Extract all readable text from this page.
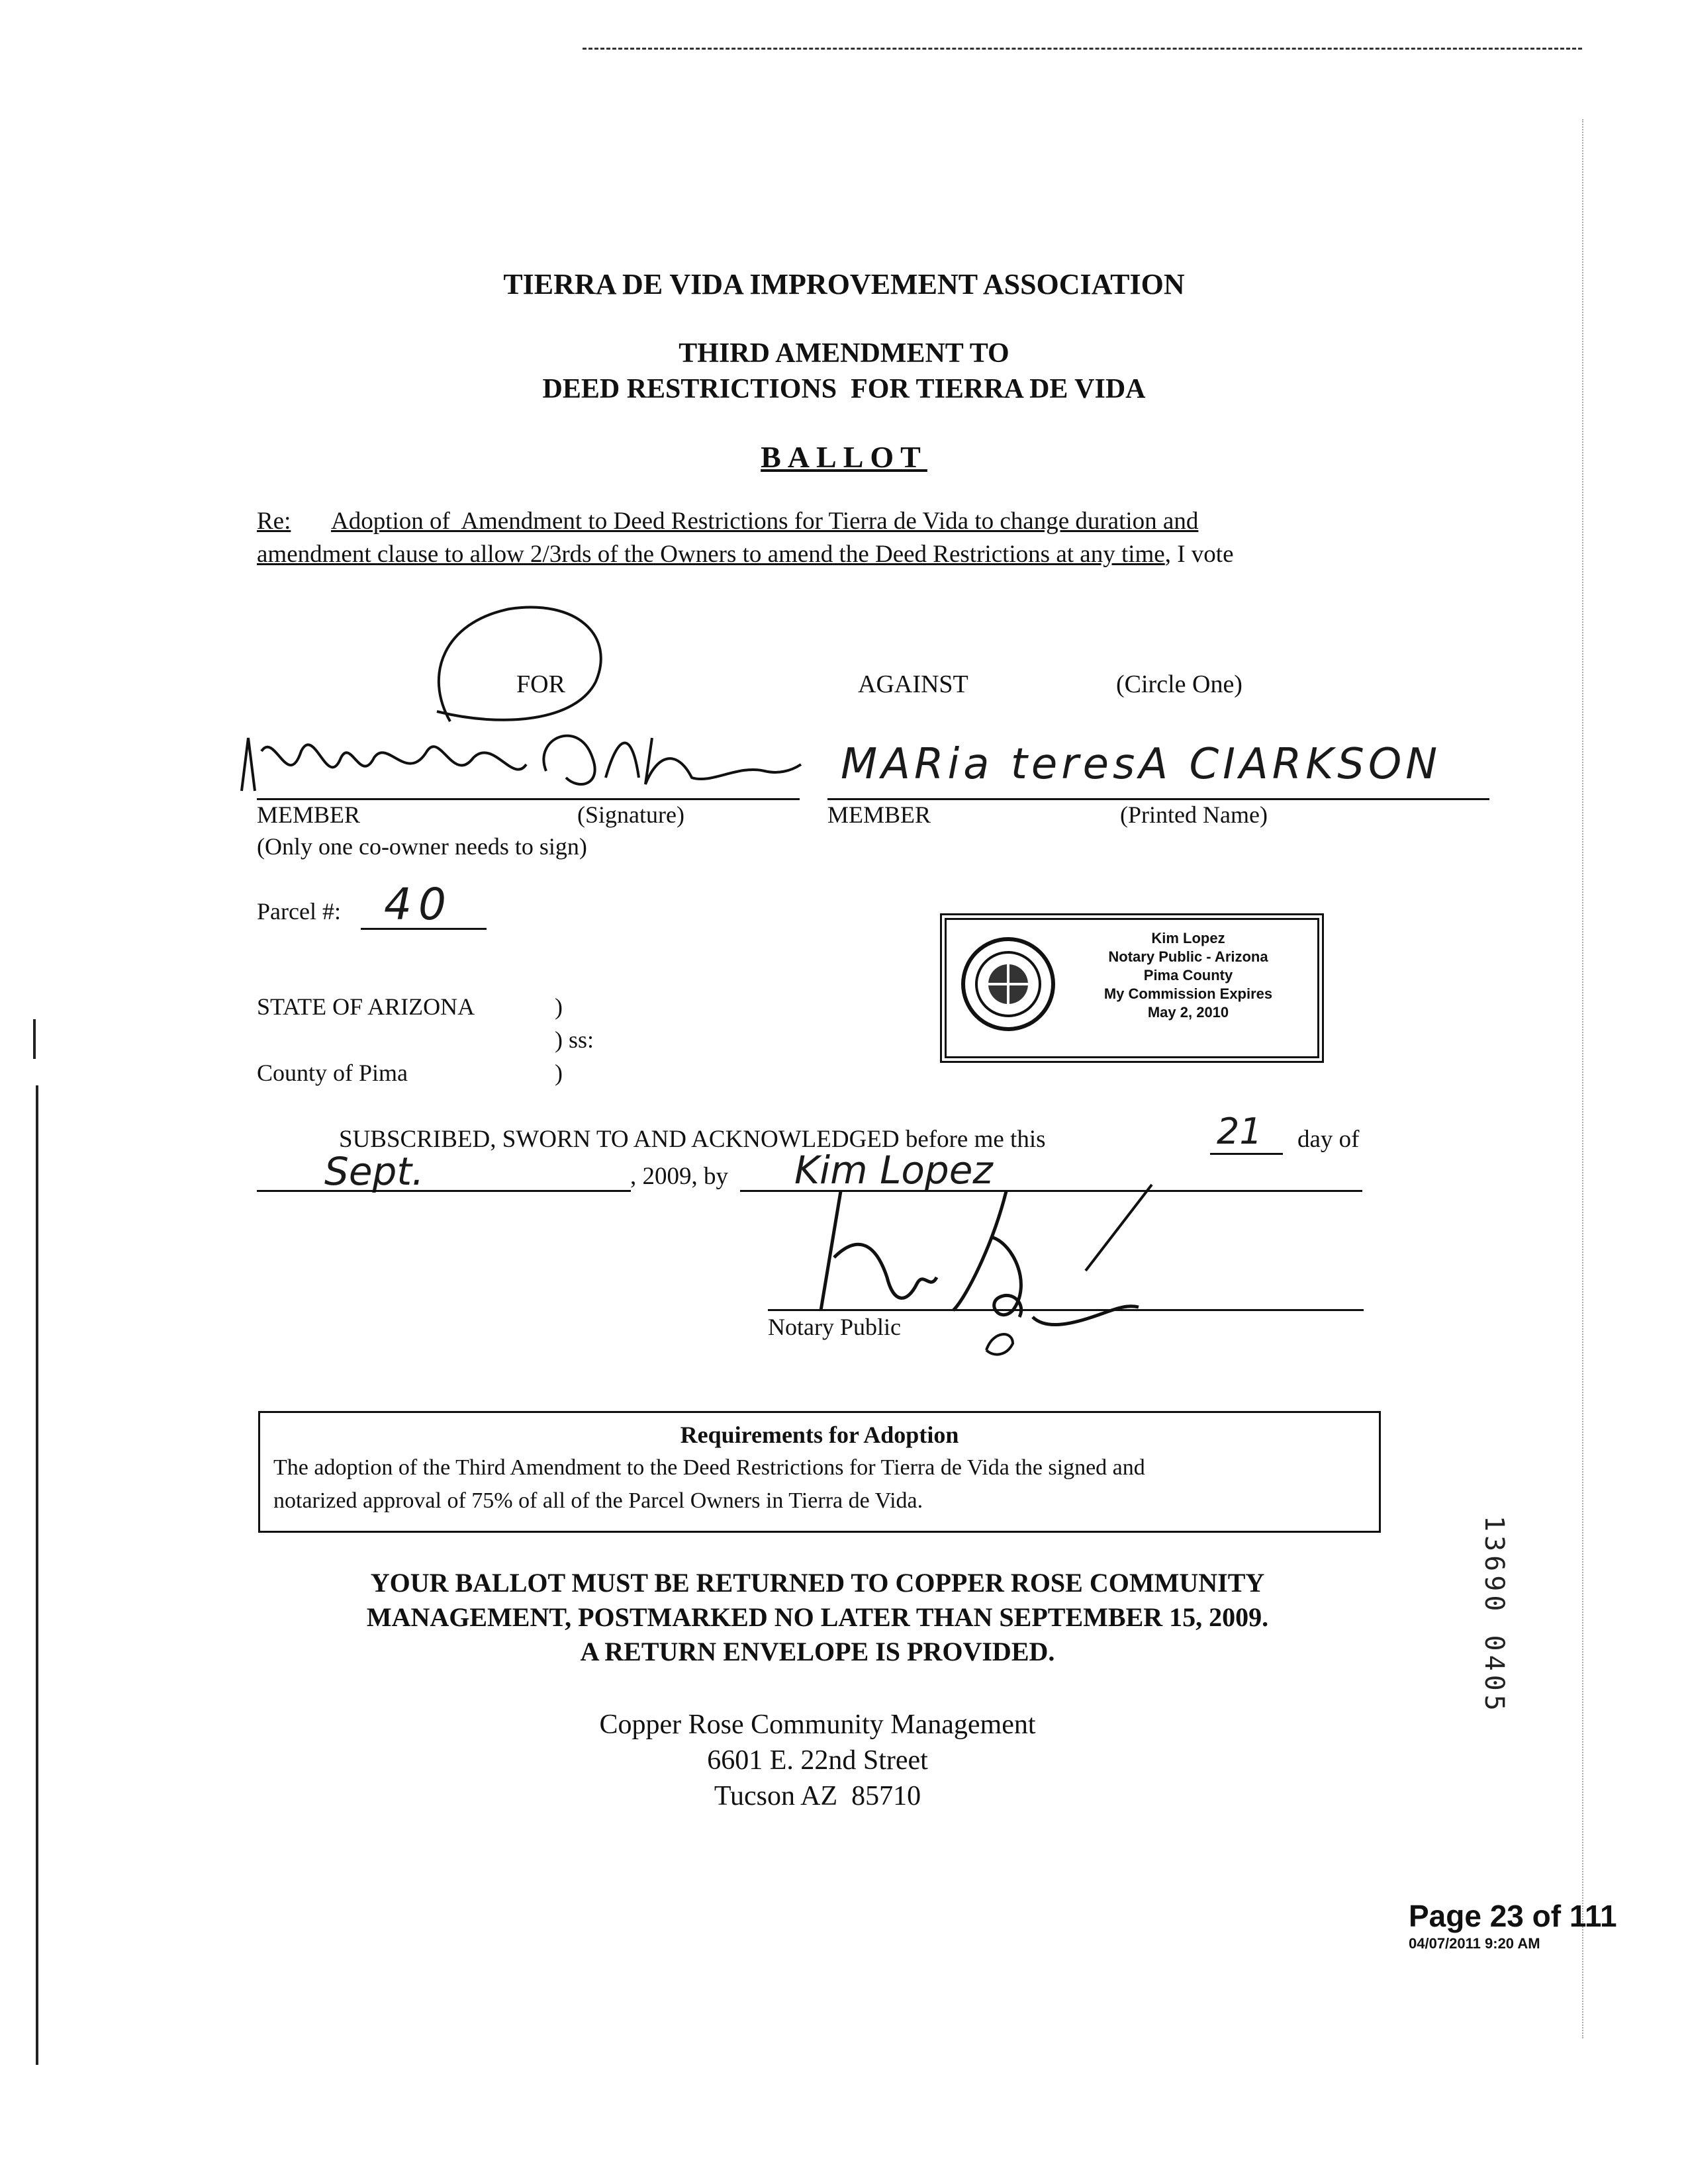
TIERRA DE VIDA IMPROVEMENT ASSOCIATION
THIRD AMENDMENT TO
DEED RESTRICTIONS  FOR TIERRA DE VIDA
BALLOT
Re: Adoption of  Amendment to Deed Restrictions for Tierra de Vida to change duration and
amendment clause to allow 2/3rds of the Owners to amend the Deed Restrictions at any time, I vote
FOR	AGAINST	(Circle One)
MEMBER	(Signature)
(Only one co-owner needs to sign)
MARia teresA CIARKSON
MEMBER	(Printed Name)
Parcel #: 40
Kim Lopez
Notary Public - Arizona
Pima County
My Commission Expires
May 2, 2010
STATE OF ARIZONA	)
) ss:
County of Pima	)
SUBSCRIBED, SWORN TO AND ACKNOWLEDGED before me this	21 day of
Sept.	, 2009, by Kim Lopez
Notary Public
Requirements for Adoption
The adoption of the Third Amendment to the Deed Restrictions for Tierra de Vida the signed and
notarized approval of 75% of all of the Parcel Owners in Tierra de Vida.
YOUR BALLOT MUST BE RETURNED TO COPPER ROSE COMMUNITY
MANAGEMENT, POSTMARKED NO LATER THAN SEPTEMBER 15, 2009.
A RETURN ENVELOPE IS PROVIDED.
Copper Rose Community Management
6601 E. 22nd Street
Tucson AZ  85710
13690 0405
Page 23 of 111
04/07/2011 9:20 AM
